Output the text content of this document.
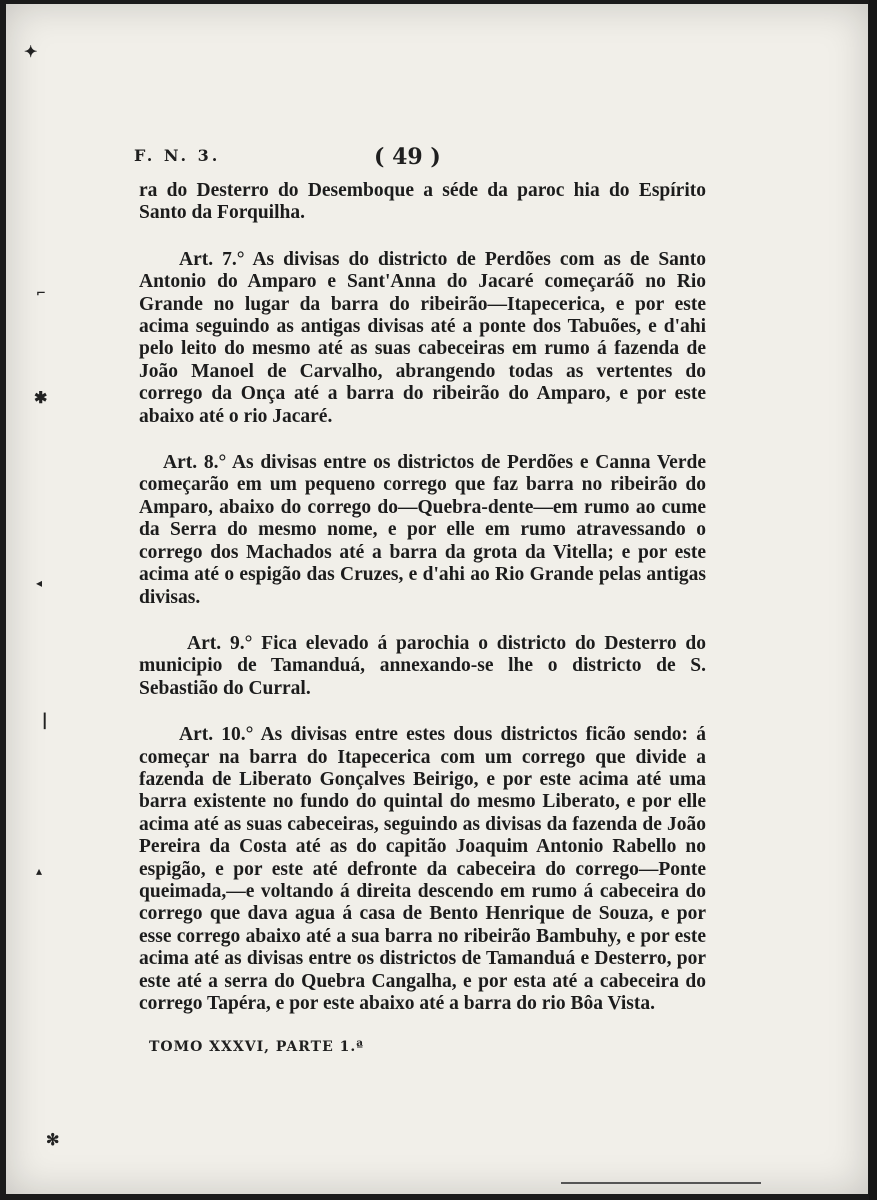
✦
⌐
✱
◂
❘
▴
✻
F. N. 3.	( 49 )

ra do Desterro do Desemboque a séde da paroc hia do Espírito Santo da Forquilha.

Art. 7.° As divisas do districto de Perdões com as de Santo Antonio do Amparo e Sant'Anna do Jacaré começaráõ no Rio Grande no lugar da barra do ribeirão—Itapecerica, e por este acima seguindo as antigas divisas até a ponte dos Tabuões, e d'ahi pelo leito do mesmo até as suas cabeceiras em rumo á fazenda de João Manoel de Carvalho, abrangendo todas as vertentes do corrego da Onça até a barra do ribeirão do Amparo, e por este abaixo até o rio Jacaré.

Art. 8.° As divisas entre os districtos de Perdões e Canna Verde começarão em um pequeno corrego que faz barra no ribeirão do Amparo, abaixo do corrego do—Quebra-dente—em rumo ao cume da Serra do mesmo nome, e por elle em rumo atravessando o corrego dos Machados até a barra da grota da Vitella; e por este acima até o espigão das Cruzes, e d'ahi ao Rio Grande pelas antigas divisas.

Art. 9.° Fica elevado á parochia o districto do Desterro do municipio de Tamanduá, annexando-se lhe o districto de S. Sebastião do Curral.

Art. 10.° As divisas entre estes dous districtos ficão sendo: á começar na barra do Itapecerica com um corrego que divide a fazenda de Liberato Gonçalves Beirigo, e por este acima até uma barra existente no fundo do quintal do mesmo Liberato, e por elle acima até as suas cabeceiras, seguindo as divisas da fazenda de João Pereira da Costa até as do capitão Joaquim Antonio Rabello no espigão, e por este até defronte da cabeceira do corrego—Ponte queimada,—e voltando á direita descendo em rumo á cabeceira do corrego que dava agua á casa de Bento Henrique de Souza, e por esse corrego abaixo até a sua barra no ribeirão Bambuhy, e por este acima até as divisas entre os districtos de Tamanduá e Desterro, por este até a serra do Quebra Cangalha, e por esta até a cabeceira do corrego Tapéra, e por este abaixo até a barra do rio Bôa Vista.

TOMO XXXVI, PARTE 1.ª
